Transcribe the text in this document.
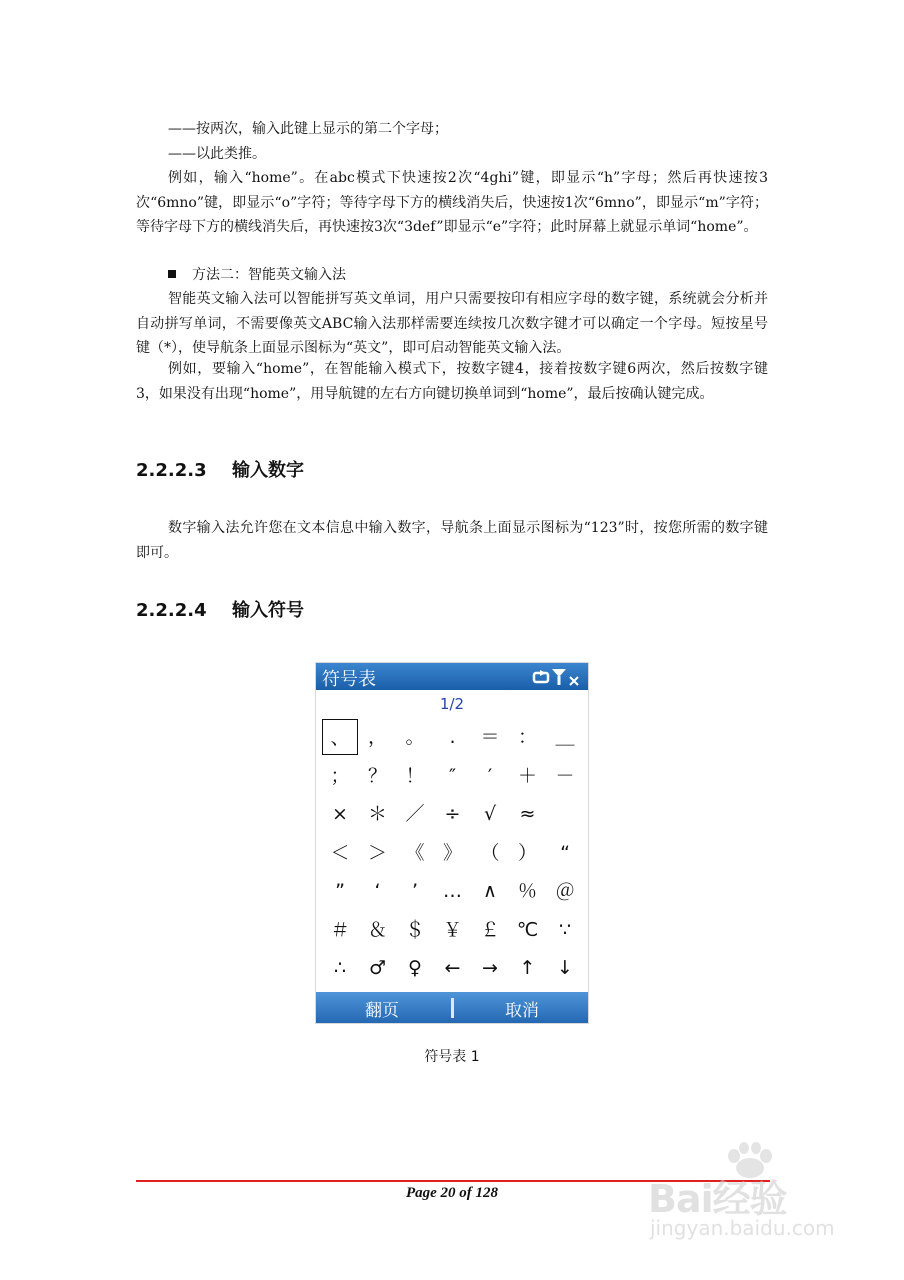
——按两次，输入此键上显示的第二个字母；

——以此类推。

例如，输入“home”。在abc模式下快速按2次“4ghi”键，即显示“h”字母；然后再快速按3次“6mno”键，即显示“o”字符；等待字母下方的横线消失后，快速按1次“6mno”，即显示“m”字符；等待字母下方的横线消失后，再快速按3次“3def”即显示“e”字符；此时屏幕上就显示单词“home”。

方法二：智能英文输入法

智能英文输入法可以智能拼写英文单词，用户只需要按印有相应字母的数字键，系统就会分析并自动拼写单词，不需要像英文ABC输入法那样需要连续按几次数字键才可以确定一个字母。短按星号键（*），使导航条上面显示图标为“英文”，即可启动智能英文输入法。

例如，要输入“home”，在智能输入模式下，按数字键4，接着按数字键6两次，然后按数字键 3，如果没有出现“home”，用导航键的左右方向键切换单词到“home”，最后按确认键完成。

2.2.2.3 输入数字

数字输入法允许您在文本信息中输入数字，导航条上面显示图标为“123”时，按您所需的数字键即可。

2.2.2.4 输入符号
符号表
1/2
、 ， 。	.	＝ ： ＿
； ？ ！	″	′	＋ －
×	＊ ／	÷	√	≈
＜ ＞ 《 》 （ ）	“
”	‘	’	…	∧	％ ＠
＃ ＆ ＄ ￥ ￡ ℃	∵
∴	♂	♀	←	→	↑	↓
翻页	取消
符号表 1
Page 20 of 128	Bai经验
jingyan.baidu.com
